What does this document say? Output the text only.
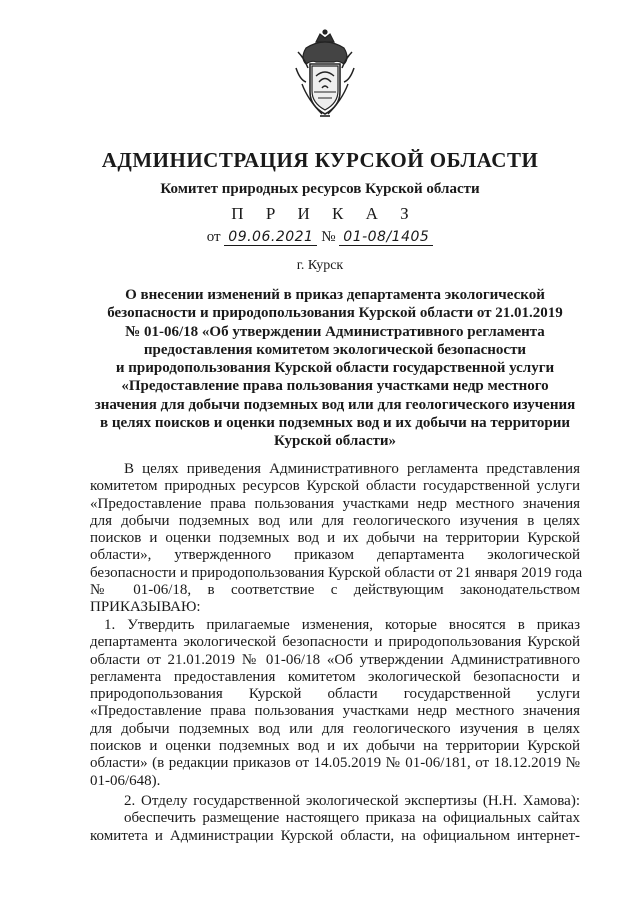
АДМИНИСТРАЦИЯ КУРСКОЙ ОБЛАСТИ
Комитет природных ресурсов Курской области
П Р И К А З
от 09.06.2021 № 01-08/1405
г. Курск
О внесении изменений в приказ департамента экологической
безопасности и природопользования Курской области от 21.01.2019
№ 01-06/18 «Об утверждении Административного регламента
предоставления комитетом экологической безопасности
и природопользования Курской области государственной услуги
«Предоставление права пользования участками недр местного
значения для добычи подземных вод или для геологического изучения
в целях поисков и оценки подземных вод и их добычи на территории
Курской области»
В целях приведения Административного регламента представления
комитетом природных ресурсов Курской области государственной услуги
«Предоставление права пользования участками недр местного значения
для добычи подземных вод или для геологического изучения в целях
поисков и оценки подземных вод и их добычи на территории Курской
области», утвержденного приказом департамента экологической
безопасности и природопользования Курской области от 21 января 2019 года
№ 01-06/18, в соответствие с действующим законодательством
ПРИКАЗЫВАЮ:
1. Утвердить прилагаемые изменения, которые вносятся в приказ
департамента экологической безопасности и природопользования Курской
области от 21.01.2019 № 01-06/18 «Об утверждении Административного
регламента предоставления комитетом экологической безопасности и
природопользования Курской области государственной услуги
«Предоставление права пользования участками недр местного значения
для добычи подземных вод или для геологического изучения в целях
поисков и оценки подземных вод и их добычи на территории Курской
области» (в редакции приказов от 14.05.2019 № 01-06/181, от 18.12.2019 №
01-06/648).
2. Отделу государственной экологической экспертизы (Н.Н. Хамова):
обеспечить размещение настоящего приказа на официальных сайтах
комитета и Администрации Курской области, на официальном интернет-
